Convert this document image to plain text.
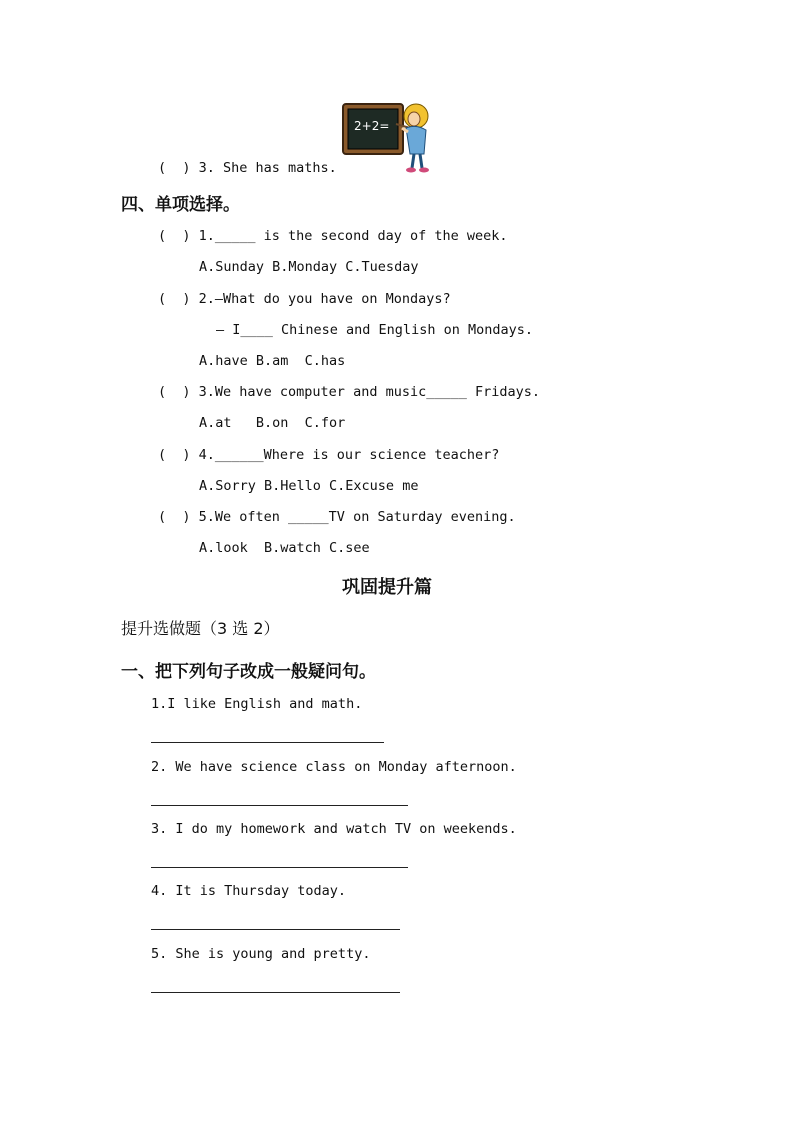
2+2=
(  ) 3. She has maths.
四、单项选择。
(  ) 1._____ is the second day of the week.
A.Sunday B.Monday C.Tuesday
(  ) 2.—What do you have on Mondays?
— I____ Chinese and English on Mondays.
A.have B.am  C.has
(  ) 3.We have computer and music_____ Fridays.
A.at   B.on  C.for
(  ) 4.______Where is our science teacher?
A.Sorry B.Hello C.Excuse me
(  ) 5.We often _____TV on Saturday evening.
A.look  B.watch C.see
巩固提升篇
提升选做题（3 选 2）
一、把下列句子改成一般疑问句。
1.I like English and math.
2. We have science class on Monday afternoon.
3. I do my homework and watch TV on weekends.
4. It is Thursday today.
5. She is young and pretty.
